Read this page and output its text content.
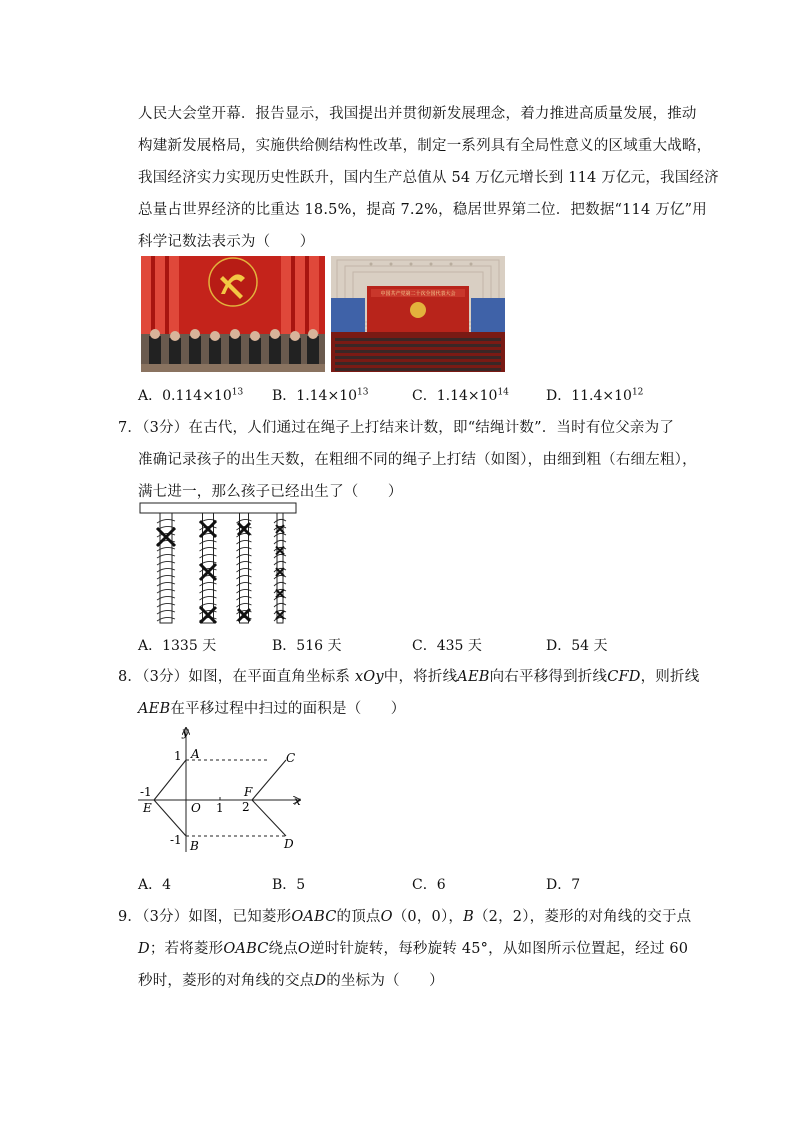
人民大会堂开幕．报告显示，我国提出并贯彻新发展理念，着力推进高质量发展，推动
构建新发展格局，实施供给侧结构性改革，制定一系列具有全局性意义的区域重大战略，
我国经济实力实现历史性跃升，国内生产总值从 54 万亿元增长到 114 万亿元，我国经济
总量占世界经济的比重达 18.5%，提高 7.2%，稳居世界第二位．把数据“114 万亿”用
科学记数法表示为（　　）
中国共产党第二十次全国代表大会
A．$0.114\times 10^{13}$ B．$1.14\times 10^{13}$	C．$1.14\times 10^{14}$	D．$11.4\times 10^{12}$
7．（3分）在古代，人们通过在绳子上打结来计数，即“结绳计数”．当时有位父亲为了
准确记录孩子的出生天数，在粗细不同的绳子上打结（如图），由细到粗（右细左粗），
满七进一，那么孩子已经出生了（　　）
A．1335 天	B．516 天	C．435 天	D．54 天
8．（3分）如图，在平面直角坐标系 xOy中，将折线AEB向右平移得到折线CFD，则折线
AEB在平移过程中扫过的面积是（　　）
y
x
1 A	C
-1	F
E	O 1 2
-1 B	D
A．4	B．5	C．6	D．7
9．（3分）如图，已知菱形OABC的顶点O（0，0），B（2，2），菱形的对角线的交于点
D；若将菱形OABC绕点O逆时针旋转，每秒旋转 45°，从如图所示位置起，经过 60
秒时，菱形的对角线的交点D的坐标为（　　）
